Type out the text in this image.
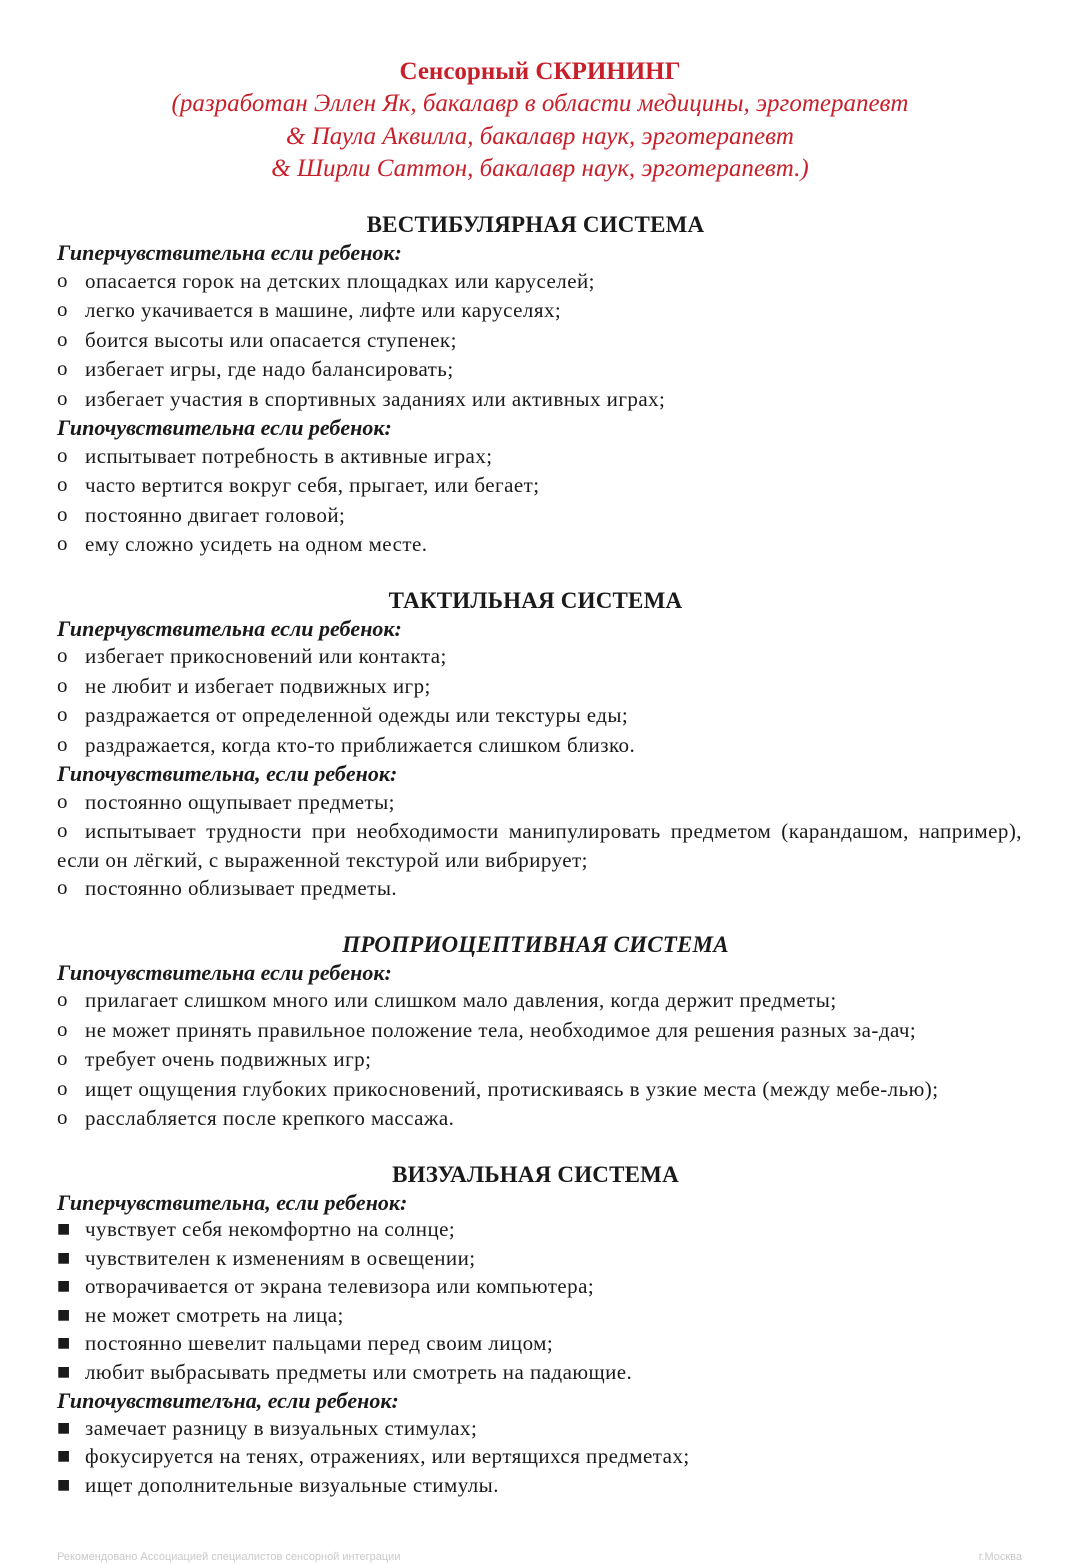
Сенсорный СКРИНИНГ
(разработан Эллен Як, бакалавр в области медицины, эрготерапевт
& Паула Аквилла, бакалавр наук, эрготерапевт
& Ширли Саттон, бакалавр наук, эрготерапевт.)
ВЕСТИБУЛЯРНАЯ СИСТЕМА
Гиперчувствительна если ребенок:
oопасается горок на детских площадках или каруселей;
oлегко укачивается в машине, лифте или каруселях;
oбоится высоты или опасается ступенек;
oизбегает игры, где надо балансировать;
oизбегает участия в спортивных заданиях или активных играх;
Гипочувствительна если ребенок:
oиспытывает потребность в активные играх;
oчасто вертится вокруг себя, прыгает, или бегает;
oпостоянно двигает головой;
oему сложно усидеть на одном месте.
ТАКТИЛЬНАЯ СИСТЕМА
Гиперчувствительна если ребенок:
oизбегает прикосновений или контакта;
oне любит и избегает подвижных игр;
oраздражается от определенной одежды или текстуры еды;
oраздражается, когда кто-то приближается слишком близко.
Гипочувствительна, если ребенок:
oпостоянно ощупывает предметы;
oиспытывает трудности при необходимости манипулировать предметом (карандашом, например), если он лёгкий, с выраженной текстурой или вибрирует;
oпостоянно облизывает предметы.
ПРОПРИОЦЕПТИВНАЯ СИСТЕМА
Гипочувствительна если ребенок:
oприлагает слишком много или слишком мало давления, когда держит предметы;
oне может принять правильное положение тела, необходимое для решения разных за-дач;
oтребует очень подвижных игр;
oищет ощущения глубоких прикосновений, протискиваясь в узкие места (между мебе-лью);
oрасслабляется после крепкого массажа.
ВИЗУАЛЬНАЯ СИСТЕМА
Гиперчувствительна, если ребенок:
■чувствует себя некомфортно на солнце;
■чувствителен к изменениям в освещении;
■отворачивается от экрана телевизора или компьютера;
■не может смотреть на лица;
■постоянно шевелит пальцами перед своим лицом;
■любит выбрасывать предметы или смотреть на падающие.
Гипочувствителъна, если ребенок:
■замечает разницу в визуальных стимулах;
■фокусируется на тенях, отражениях, или вертящихся предметах;
■ищет дополнительные визуальные стимулы.
Рекомендовано Ассоциацией специалистов сенсорной интеграции	г.Москва
